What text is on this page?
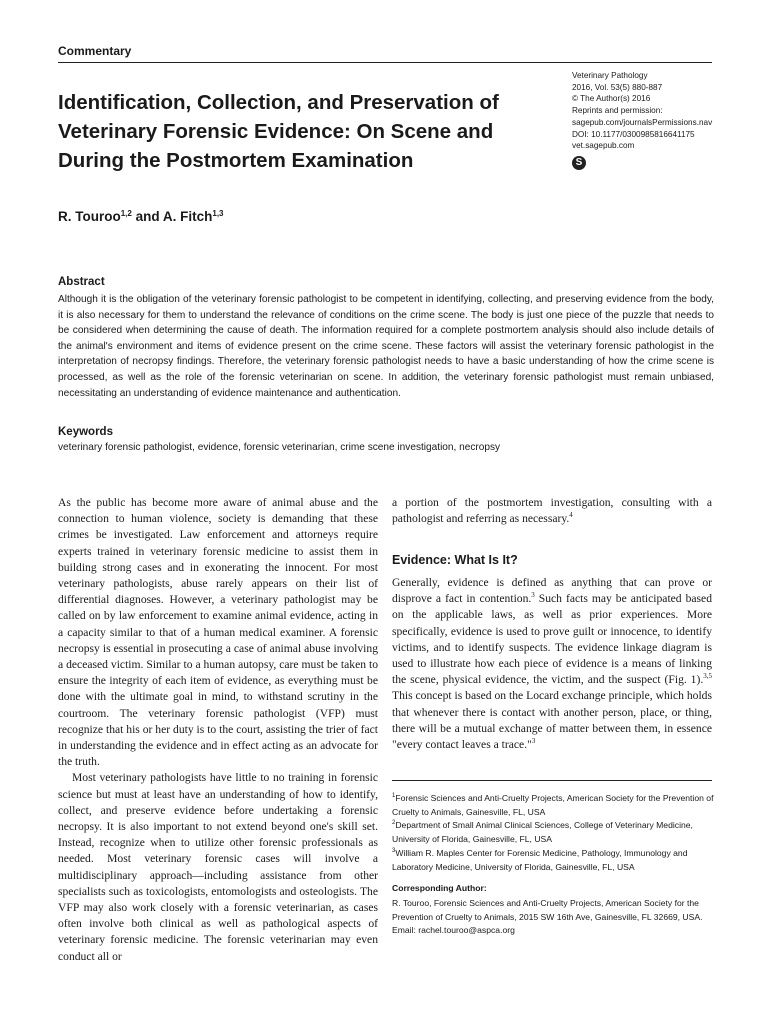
Commentary
Identification, Collection, and Preservation of Veterinary Forensic Evidence: On Scene and During the Postmortem Examination
Veterinary Pathology
2016, Vol. 53(5) 880-887
© The Author(s) 2016
Reprints and permission:
sagepub.com/journalsPermissions.nav
DOI: 10.1177/0300985816641175
vet.sagepub.com
S
R. Touroo$^{1,2}$ and A. Fitch$^{1,3}$
Abstract

Although it is the obligation of the veterinary forensic pathologist to be competent in identifying, collecting, and preserving evidence from the body, it is also necessary for them to understand the relevance of conditions on the crime scene. The body is just one piece of the puzzle that needs to be considered when determining the cause of death. The information required for a complete postmortem analysis should also include details of the animal's environment and items of evidence present on the crime scene. These factors will assist the veterinary forensic pathologist in the interpretation of necropsy findings. Therefore, the veterinary forensic pathologist needs to have a basic understanding of how the crime scene is processed, as well as the role of the forensic veterinarian on scene. In addition, the veterinary forensic pathologist must remain unbiased, necessitating an understanding of evidence maintenance and authentication.

Keywords
veterinary forensic pathologist, evidence, forensic veterinarian, crime scene investigation, necropsy

As the public has become more aware of animal abuse and the connection to human violence, society is demanding that these crimes be investigated. Law enforcement and attorneys require experts trained in veterinary forensic medicine to assist them in building strong cases and in exonerating the innocent. For most veterinary pathologists, abuse rarely appears on their list of differential diagnoses. However, a veterinary pathologist may be called on by law enforcement to examine animal evidence, acting in a capacity similar to that of a human medical examiner. A forensic necropsy is essential in prosecuting a case of animal abuse involving a deceased victim. Similar to a human autopsy, care must be taken to ensure the integrity of each item of evidence, as everything must be done with the ultimate goal in mind, to withstand scrutiny in the courtroom. The veterinary forensic pathologist (VFP) must recognize that his or her duty is to the court, assisting the trier of fact in understanding the evidence and in effect acting as an advocate for the truth.

Most veterinary pathologists have little to no training in forensic science but must at least have an understanding of how to identify, collect, and preserve evidence before undertaking a forensic necropsy. It is also important to not extend beyond one's skill set. Instead, recognize when to utilize other forensic professionals as needed. Most veterinary forensic cases will involve a multidisciplinary approach—including assistance from other specialists such as toxicologists, entomologists and osteologists. The VFP may also work closely with a forensic veterinarian, as cases often involve both clinical as well as pathological aspects of veterinary forensic medicine. The forensic veterinarian may even conduct all or

a portion of the postmortem investigation, consulting with a pathologist and referring as necessary.$^4$

Evidence: What Is It?

Generally, evidence is defined as anything that can prove or disprove a fact in contention.$^3$ Such facts may be anticipated based on the applicable laws, as well as prior experiences. More specifically, evidence is used to prove guilt or innocence, to identify victims, and to identify suspects. The evidence linkage diagram is used to illustrate how each piece of evidence is a means of linking the scene, physical evidence, the victim, and the suspect (Fig. 1).$^{3,5}$ This concept is based on the Locard exchange principle, which holds that whenever there is contact with another person, place, or thing, there will be a mutual exchange of matter between them, in essence "every contact leaves a trace."$^3$

$^1$Forensic Sciences and Anti-Cruelty Projects, American Society for the Prevention of Cruelty to Animals, Gainesville, FL, USA

$^2$Department of Small Animal Clinical Sciences, College of Veterinary Medicine, University of Florida, Gainesville, FL, USA

$^3$William R. Maples Center for Forensic Medicine, Pathology, Immunology and Laboratory Medicine, University of Florida, Gainesville, FL, USA

Corresponding Author:

R. Touroo, Forensic Sciences and Anti-Cruelty Projects, American Society for the Prevention of Cruelty to Animals, 2015 SW 16th Ave, Gainesville, FL 32669, USA.
Email: rachel.touroo@aspca.org
